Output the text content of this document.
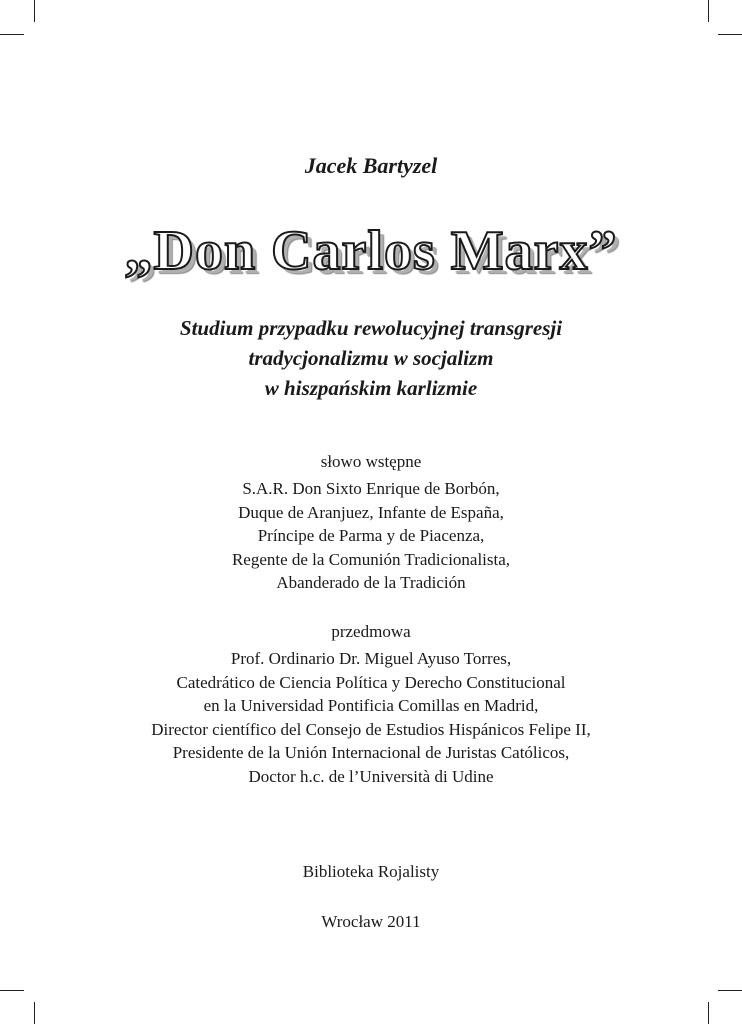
Jacek Bartyzel
„Don Carlos Marx”
Studium przypadku rewolucyjnej transgresji
tradycjonalizmu w socjalizm
w hiszpańskim karlizmie
słowo wstępne
S.A.R. Don Sixto Enrique de Borbón,
Duque de Aranjuez, Infante de España,
Príncipe de Parma y de Piacenza,
Regente de la Comunión Tradicionalista,
Abanderado de la Tradición
przedmowa
Prof. Ordinario Dr. Miguel Ayuso Torres,
Catedrático de Ciencia Política y Derecho Constitucional
en la Universidad Pontificia Comillas en Madrid,
Director científico del Consejo de Estudios Hispánicos Felipe II,
Presidente de la Unión Internacional de Juristas Católicos,
Doctor h.c. de l’Università di Udine
Biblioteka Rojalisty
Wrocław 2011
